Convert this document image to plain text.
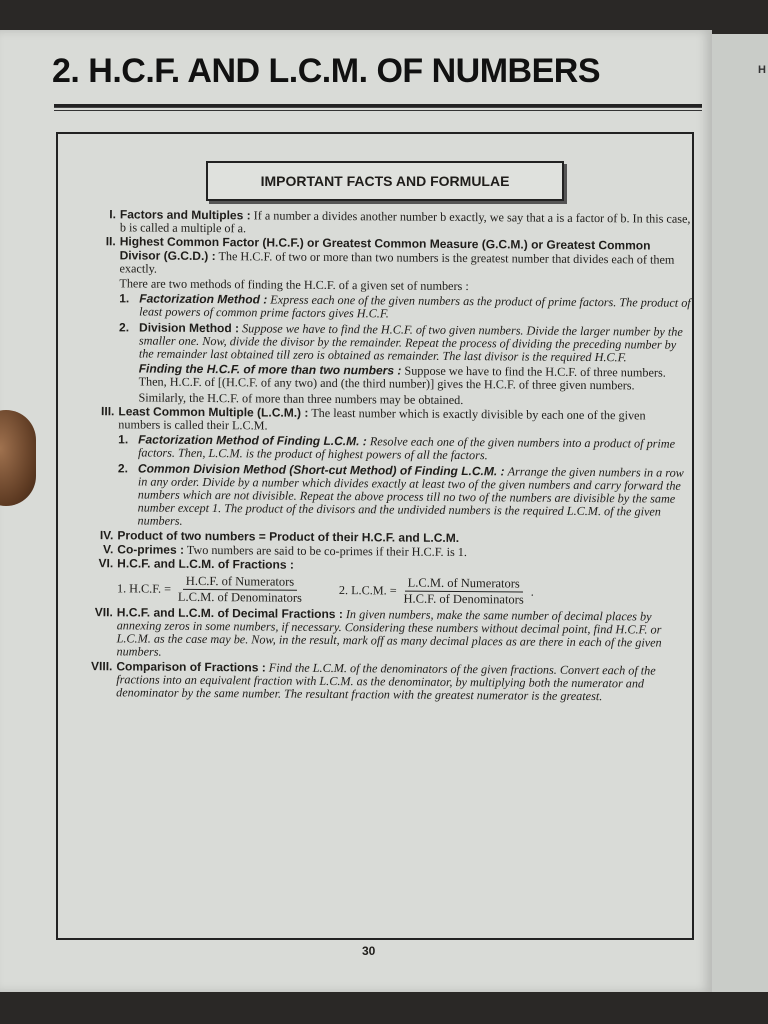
H
2. H.C.F. AND L.C.M. OF NUMBERS
IMPORTANT FACTS AND FORMULAE
I. Factors and Multiples : If a number a divides another number b exactly, we say that a is a factor of b. In this case, b is called a multiple of a.
II. Highest Common Factor (H.C.F.) or Greatest Common Measure (G.C.M.) or Greatest Common Divisor (G.C.D.) : The H.C.F. of two or more than two numbers is the greatest number that divides each of them exactly.
There are two methods of finding the H.C.F. of a given set of numbers :
1. Factorization Method : Express each one of the given numbers as the product of prime factors. The product of least powers of common prime factors gives H.C.F.
2. Division Method : Suppose we have to find the H.C.F. of two given numbers. Divide the larger number by the smaller one. Now, divide the divisor by the remainder. Repeat the process of dividing the preceding number by the remainder last obtained till zero is obtained as remainder. The last divisor is the required H.C.F.
Finding the H.C.F. of more than two numbers : Suppose we have to find the H.C.F. of three numbers. Then, H.C.F. of [(H.C.F. of any two) and (the third number)] gives the H.C.F. of three given numbers.
Similarly, the H.C.F. of more than three numbers may be obtained.
III. Least Common Multiple (L.C.M.) : The least number which is exactly divisible by each one of the given numbers is called their L.C.M.
1. Factorization Method of Finding L.C.M. : Resolve each one of the given numbers into a product of prime factors. Then, L.C.M. is the product of highest powers of all the factors.
2. Common Division Method (Short-cut Method) of Finding L.C.M. : Arrange the given numbers in a row in any order. Divide by a number which divides exactly at least two of the given numbers and carry forward the numbers which are not divisible. Repeat the above process till no two of the numbers are divisible by the same number except 1. The product of the divisors and the undivided numbers is the required L.C.M. of the given numbers.
IV. Product of two numbers = Product of their H.C.F. and L.C.M.
V. Co-primes : Two numbers are said to be co-primes if their H.C.F. is 1.
VI. H.C.F. and L.C.M. of Fractions :
1. H.C.F. = $\frac{\text{H.C.F. of Numerators}}{\text{L.C.M. of Denominators}}$	2. L.C.M. = $\frac{\text{L.C.M. of Numerators}}{\text{H.C.F. of Denominators}}$ .
VII. H.C.F. and L.C.M. of Decimal Fractions : In given numbers, make the same number of decimal places by annexing zeros in some numbers, if necessary. Considering these numbers without decimal point, find H.C.F. or L.C.M. as the case may be. Now, in the result, mark off as many decimal places as are there in each of the given numbers.
VIII. Comparison of Fractions : Find the L.C.M. of the denominators of the given fractions. Convert each of the fractions into an equivalent fraction with L.C.M. as the denominator, by multiplying both the numerator and denominator by the same number. The resultant fraction with the greatest numerator is the greatest.
30
